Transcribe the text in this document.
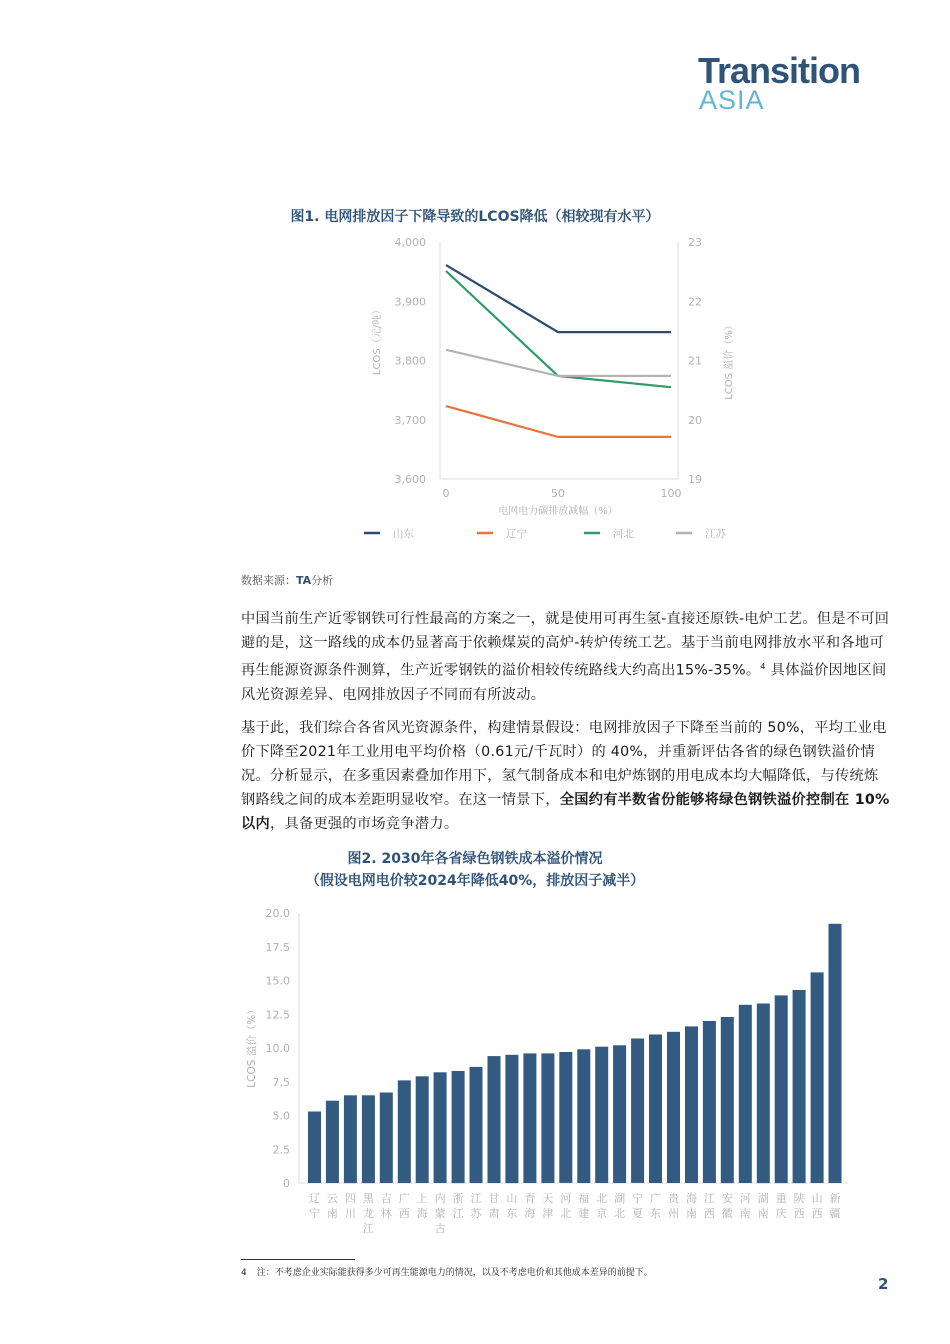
Transition
ASIA
图1. 电网排放因子下降导致的LCOS降低（相较现有水平）
3,600
3,700
3,800
3,900
4,000
19
20
21
22
23
0	50	100
电网电力碳排放减幅（%）
LCOS（元/吨）	LCOS 溢价（%）
山东	辽宁	河北	江苏
数据来源：TA分析
中国当前生产近零钢铁可行性最高的方案之一，就是使用可再生氢-直接还原铁-电炉工艺。但是不可回避的是，这一路线的成本仍显著高于依赖煤炭的高炉-转炉传统工艺。基于当前电网排放水平和各地可再生能源资源条件测算，生产近零钢铁的溢价相较传统路线大约高出15%-35%。$^4$ 具体溢价因地区间风光资源差异、电网排放因子不同而有所波动。
基于此，我们综合各省风光资源条件，构建情景假设：电网排放因子下降至当前的 50%，平均工业电价下降至2021年工业用电平均价格（0.61元/千瓦时）的 40%，并重新评估各省的绿色钢铁溢价情况。分析显示，在多重因素叠加作用下，氢气制备成本和电炉炼钢的用电成本均大幅降低，与传统炼钢路线之间的成本差距明显收窄。在这一情景下，全国约有半数省份能够将绿色钢铁溢价控制在 10% 以内，具备更强的市场竞争潜力。
图2. 2030年各省绿色钢铁成本溢价情况
（假设电网电价较2024年降低40%，排放因子减半）
0
2.5
5.0
7.5
10.0
12.5
15.0
17.5
20.0
LCOS 溢价（%）
辽
宁
云
南
四
川
黑
龙
江
吉
林
广
西
上
海
内
蒙
古
浙
江
江
苏
甘
肃
山
东
青
海
天
津
河
北
福
建
北
京
湖
北
宁
夏
广
东
贵
州
海
南
江
西
安
徽
河
南
湖
南
重
庆
陕
西
山
西
新
疆
4 注：不考虑企业实际能获得多少可再生能源电力的情况，以及不考虑电价和其他成本差异的前提下。
2
